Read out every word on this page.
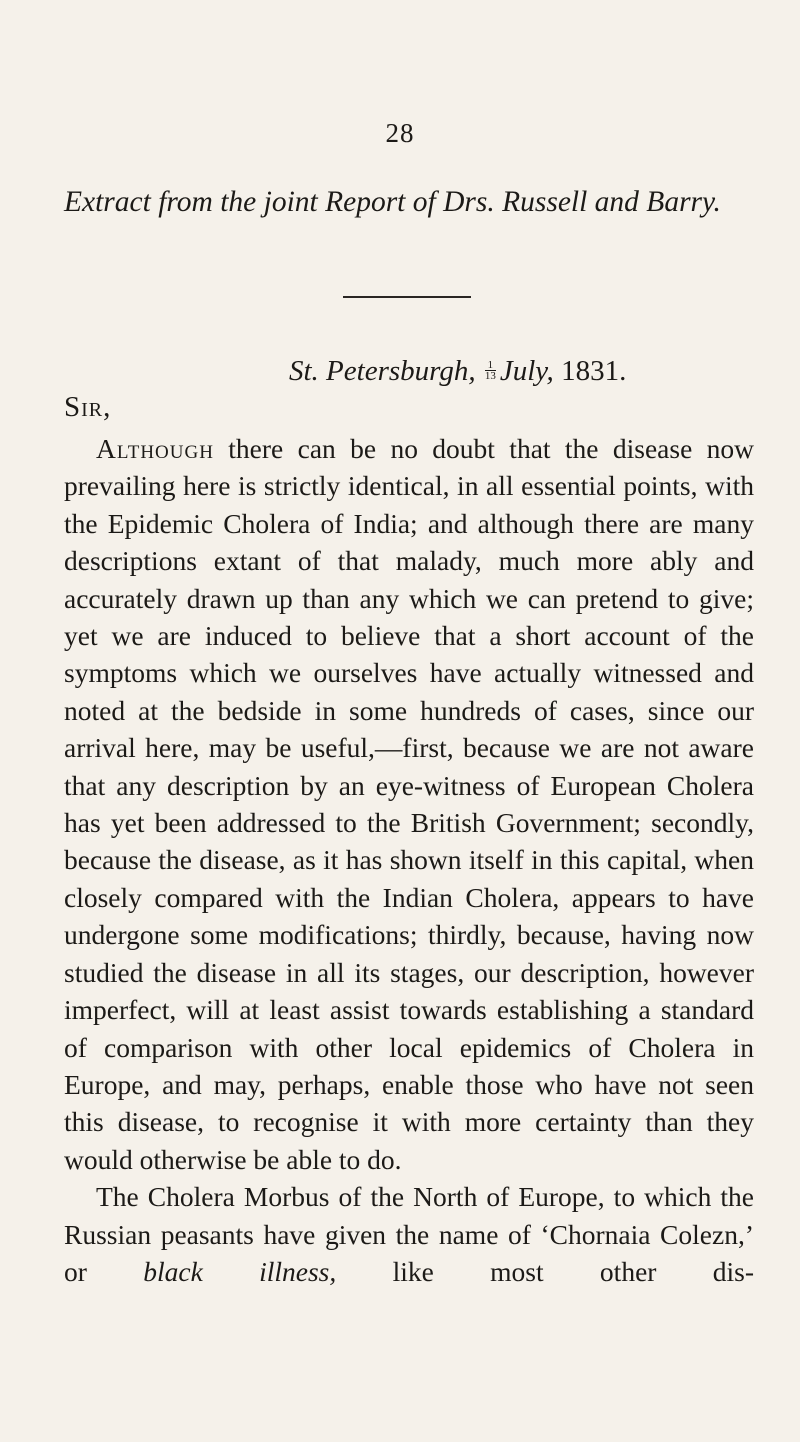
28
Extract from the joint Report of Drs. Russell and Barry.
St. Petersburgh, $\frac{1}{13}$ July, 1831.
Sir,

Although there can be no doubt that the disease now prevailing here is strictly identical, in all essential points, with the Epidemic Cholera of India; and although there are many descriptions extant of that malady, much more ably and accurately drawn up than any which we can pretend to give; yet we are induced to believe that a short account of the symptoms which we ourselves have actually witnessed and noted at the bedside in some hundreds of cases, since our arrival here, may be useful,—first, because we are not aware that any description by an eye-witness of European Cholera has yet been addressed to the British Government; secondly, because the disease, as it has shown itself in this capital, when closely compared with the Indian Cholera, appears to have undergone some modifications; thirdly, because, having now studied the disease in all its stages, our description, however imperfect, will at least assist towards establishing a standard of comparison with other local epidemics of Cholera in Europe, and may, perhaps, enable those who have not seen this disease, to recognise it with more certainty than they would otherwise be able to do.

The Cholera Morbus of the North of Europe, to which the Russian peasants have given the name of ‘Chornaia Colezn,’ or black illness, like most other dis-
